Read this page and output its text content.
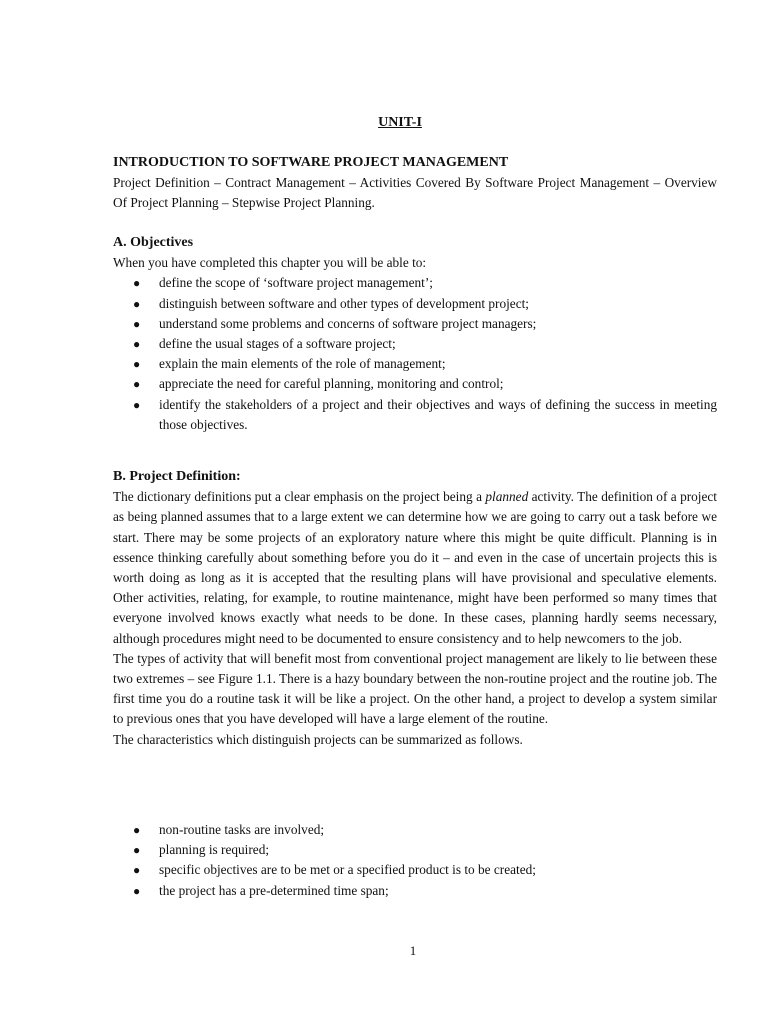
UNIT-I
INTRODUCTION TO SOFTWARE PROJECT MANAGEMENT
Project Definition – Contract Management – Activities Covered By Software Project Management – Overview Of Project Planning – Stepwise Project Planning.
A. Objectives
When you have completed this chapter you will be able to:
● define the scope of ‘software project management’;
● distinguish between software and other types of development project;
● understand some problems and concerns of software project managers;
● define the usual stages of a software project;
● explain the main elements of the role of management;
● appreciate the need for careful planning, monitoring and control;
● identify the stakeholders of a project and their objectives and ways of defining the success in meeting those objectives.
B. Project Definition:
The dictionary definitions put a clear emphasis on the project being a planned activity. The definition of a project as being planned assumes that to a large extent we can determine how we are going to carry out a task before we start. There may be some projects of an exploratory nature where this might be quite difficult. Planning is in essence thinking carefully about something before you do it – and even in the case of uncertain projects this is worth doing as long as it is accepted that the resulting plans will have provisional and speculative elements. Other activities, relating, for example, to routine maintenance, might have been performed so many times that everyone involved knows exactly what needs to be done. In these cases, planning hardly seems necessary, although procedures might need to be documented to ensure consistency and to help newcomers to the job.
The types of activity that will benefit most from conventional project management are likely to lie between these two extremes – see Figure 1.1. There is a hazy boundary between the non-routine project and the routine job. The first time you do a routine task it will be like a project. On the other hand, a project to develop a system similar to previous ones that you have developed will have a large element of the routine.
The characteristics which distinguish projects can be summarized as follows.
● non-routine tasks are involved;
● planning is required;
● specific objectives are to be met or a specified product is to be created;
● the project has a pre-determined time span;
1
